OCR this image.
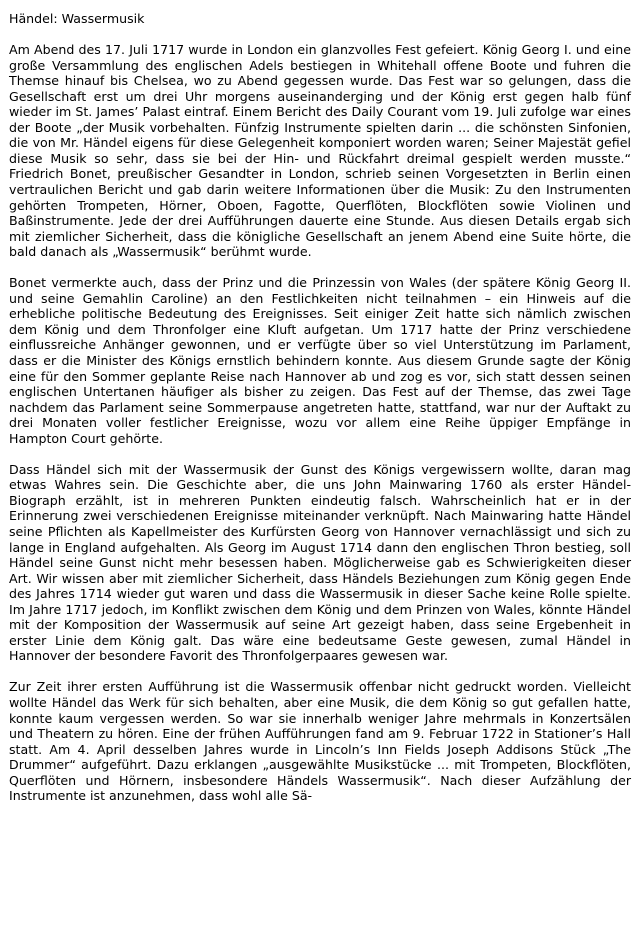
Händel: Wassermusik

Am Abend des 17. Juli 1717 wurde in London ein glanzvolles Fest gefeiert. König Georg I. und eine große Versammlung des englischen Adels bestiegen in Whitehall offene Boote und fuhren die Themse hinauf bis Chelsea, wo zu Abend gegessen wurde. Das Fest war so gelungen, dass die Gesellschaft erst um drei Uhr morgens auseinanderging und der König erst gegen halb fünf wieder im St. James’ Palast eintraf. Einem Bericht des Daily Courant vom 19. Juli zufolge war eines der Boote „der Musik vorbehalten. Fünfzig Instrumente spielten darin ... die schönsten Sinfonien, die von Mr. Händel eigens für diese Gelegenheit komponiert worden waren; Seiner Majestät gefiel diese Musik so sehr, dass sie bei der Hin- und Rückfahrt dreimal gespielt werden musste.“ Friedrich Bonet, preußischer Gesandter in London, schrieb seinen Vorgesetzten in Berlin einen vertraulichen Bericht und gab darin weitere Informationen über die Musik: Zu den Instrumenten gehörten Trompeten, Hörner, Oboen, Fagotte, Querflöten, Blockflöten sowie Violinen und Baßinstrumente. Jede der drei Aufführungen dauerte eine Stunde. Aus diesen Details ergab sich mit ziemlicher Sicherheit, dass die königliche Gesellschaft an jenem Abend eine Suite hörte, die bald danach als „Wassermusik“ berühmt wurde.

Bonet vermerkte auch, dass der Prinz und die Prinzessin von Wales (der spätere König Georg II. und seine Gemahlin Caroline) an den Festlichkeiten nicht teilnahmen – ein Hinweis auf die erhebliche politische Bedeutung des Ereignisses. Seit einiger Zeit hatte sich nämlich zwischen dem König und dem Thronfolger eine Kluft aufgetan. Um 1717 hatte der Prinz verschiedene einflussreiche Anhänger gewonnen, und er verfügte über so viel Unterstützung im Parlament, dass er die Minister des Königs ernstlich behindern konnte. Aus diesem Grunde sagte der König eine für den Sommer geplante Reise nach Hannover ab und zog es vor, sich statt dessen seinen englischen Untertanen häufiger als bisher zu zeigen. Das Fest auf der Themse, das zwei Tage nachdem das Parlament seine Sommerpause angetreten hatte, stattfand, war nur der Auftakt zu drei Monaten voller festlicher Ereignisse, wozu vor allem eine Reihe üppiger Empfänge in Hampton Court gehörte.

Dass Händel sich mit der Wassermusik der Gunst des Königs vergewissern wollte, daran mag etwas Wahres sein. Die Geschichte aber, die uns John Mainwaring 1760 als erster Händel-Biograph erzählt, ist in mehreren Punkten eindeutig falsch. Wahrscheinlich hat er in der Erinnerung zwei verschiedenen Ereignisse miteinander verknüpft. Nach Mainwaring hatte Händel seine Pflichten als Kapellmeister des Kurfürsten Georg von Hannover vernachlässigt und sich zu lange in England aufgehalten. Als Georg im August 1714 dann den englischen Thron bestieg, soll Händel seine Gunst nicht mehr besessen haben. Möglicherweise gab es Schwierigkeiten dieser Art. Wir wissen aber mit ziemlicher Sicherheit, dass Händels Beziehungen zum König gegen Ende des Jahres 1714 wieder gut waren und dass die Wassermusik in dieser Sache keine Rolle spielte. Im Jahre 1717 jedoch, im Konflikt zwischen dem König und dem Prinzen von Wales, könnte Händel mit der Komposition der Wassermusik auf seine Art gezeigt haben, dass seine Ergebenheit in erster Linie dem König galt. Das wäre eine bedeutsame Geste gewesen, zumal Händel in Hannover der besondere Favorit des Thronfolgerpaares gewesen war.

Zur Zeit ihrer ersten Aufführung ist die Wassermusik offenbar nicht gedruckt worden. Vielleicht wollte Händel das Werk für sich behalten, aber eine Musik, die dem König so gut gefallen hatte, konnte kaum vergessen werden. So war sie innerhalb weniger Jahre mehrmals in Konzertsälen und Theatern zu hören. Eine der frühen Aufführungen fand am 9. Februar 1722 in Stationer’s Hall statt. Am 4. April desselben Jahres wurde in Lincoln’s Inn Fields Joseph Addisons Stück „The Drummer“ aufgeführt. Dazu erklangen „ausgewählte Musikstücke ... mit Trompeten, Blockflöten, Querflöten und Hörnern, insbesondere Händels Wassermusik“. Nach dieser Aufzählung der Instrumente ist anzunehmen, dass wohl alle Sä-
